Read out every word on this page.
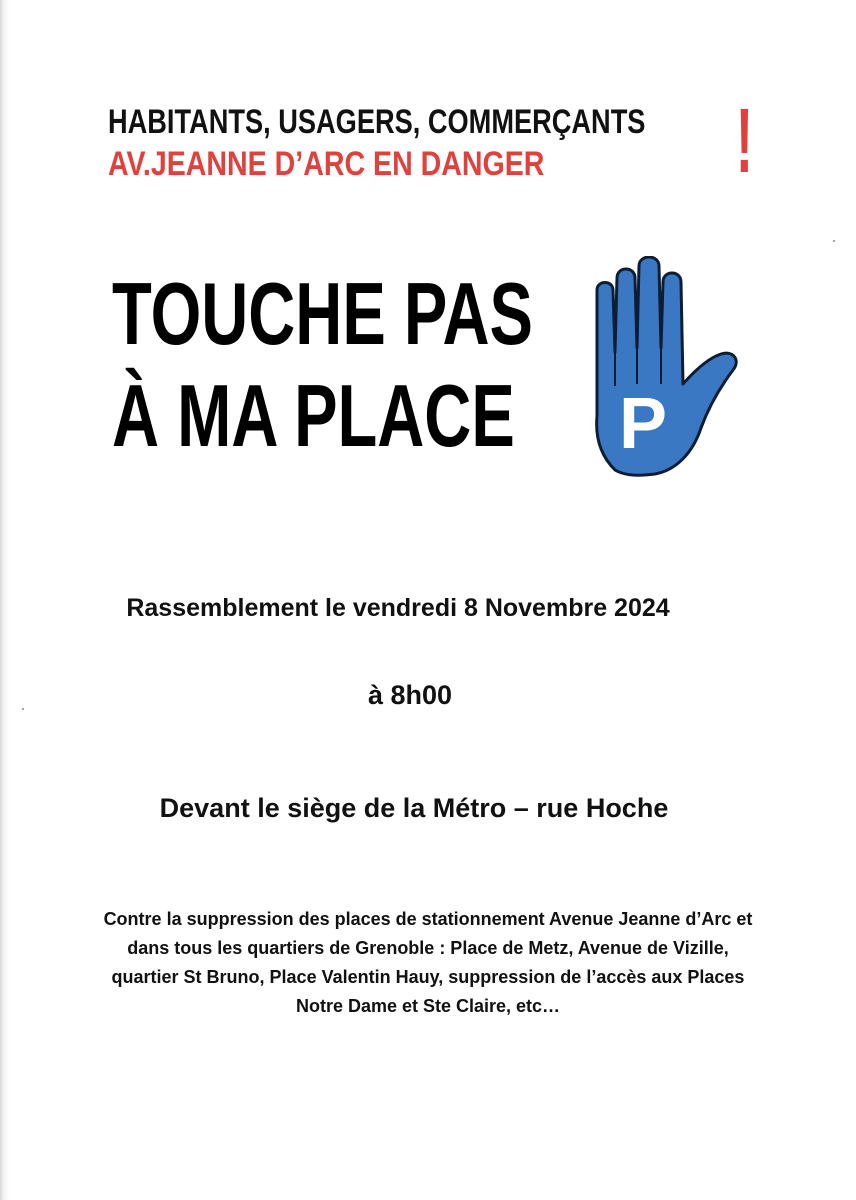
HABITANTS, USAGERS, COMMERÇANTS
AV.JEANNE D’ARC EN DANGER !
TOUCHE PAS
À MA PLACE P
Rassemblement le vendredi 8 Novembre 2024
à 8h00
Devant le siège de la Métro – rue Hoche
Contre la suppression des places de stationnement Avenue Jeanne d’Arc et dans tous les quartiers de Grenoble : Place de Metz, Avenue de Vizille, quartier St Bruno, Place Valentin Hauy, suppression de l’accès aux Places Notre Dame et Ste Claire, etc…
